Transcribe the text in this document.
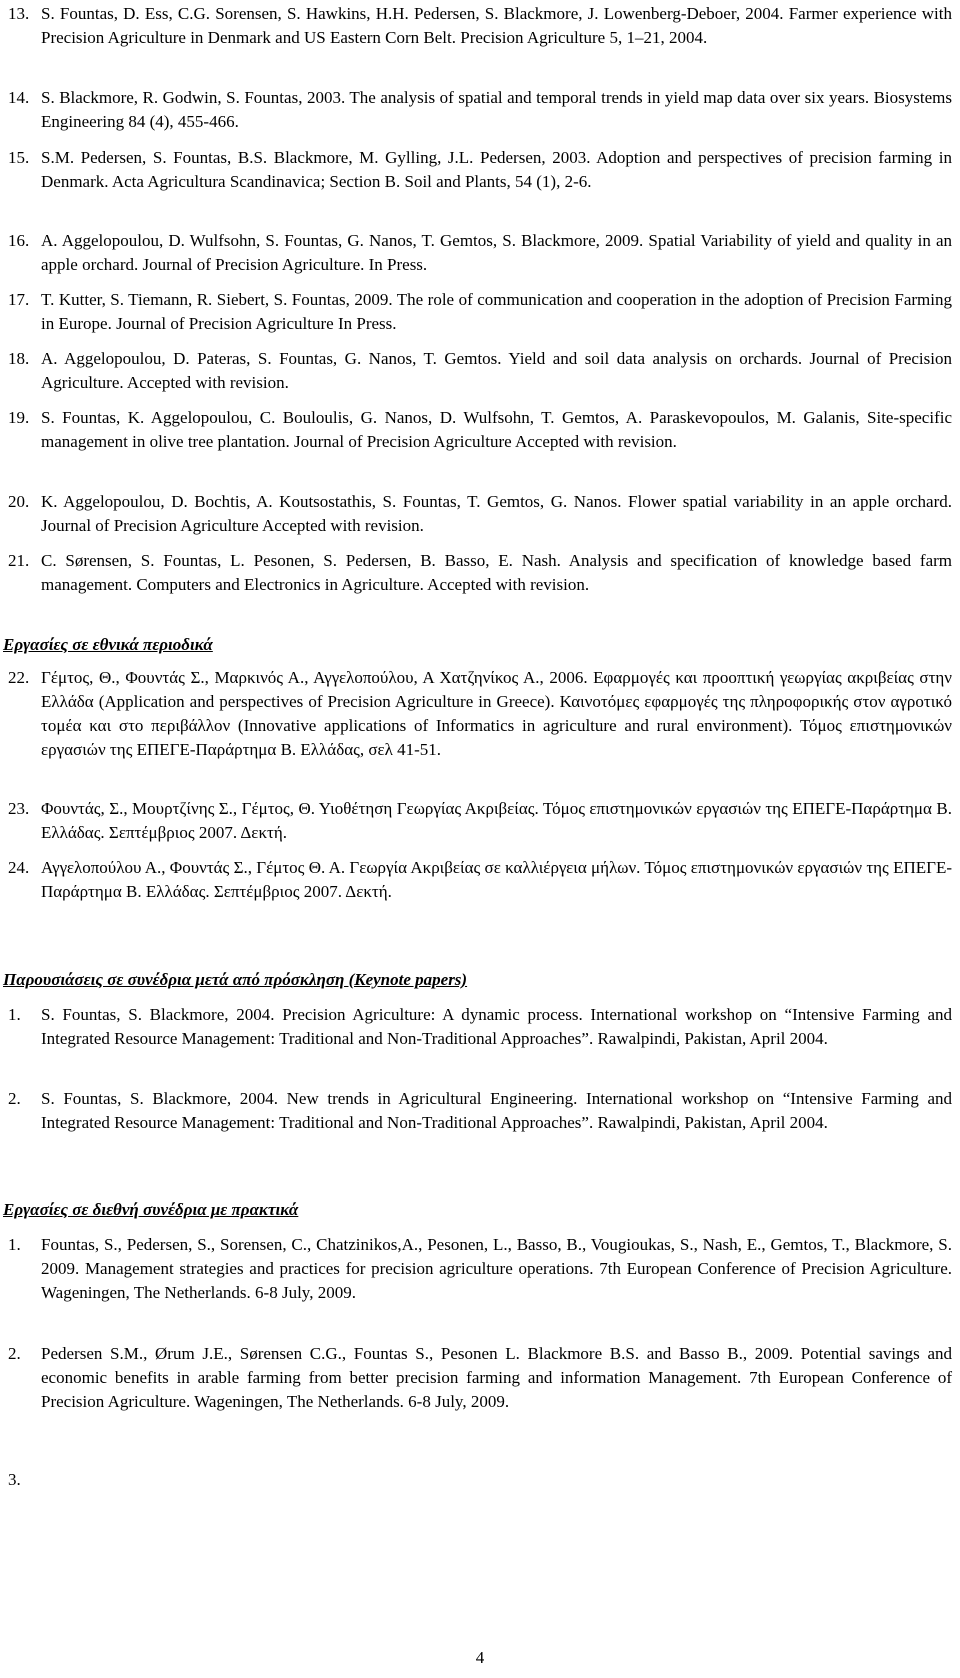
13. S. Fountas, D. Ess, C.G. Sorensen, S. Hawkins, H.H. Pedersen, S. Blackmore, J. Lowenberg-Deboer, 2004. Farmer experience with Precision Agriculture in Denmark and US Eastern Corn Belt. Precision Agriculture 5, 1–21, 2004.
14. S. Blackmore, R. Godwin, S. Fountas, 2003. The analysis of spatial and temporal trends in yield map data over six years. Biosystems Engineering 84 (4), 455-466.
15. S.M. Pedersen, S. Fountas, B.S. Blackmore, M. Gylling, J.L. Pedersen, 2003. Adoption and perspectives of precision farming in Denmark. Acta Agricultura Scandinavica; Section B. Soil and Plants, 54 (1), 2-6.
16. A. Aggelopoulou, D. Wulfsohn, S. Fountas, G. Nanos, T. Gemtos, S. Blackmore, 2009. Spatial Variability of yield and quality in an apple orchard. Journal of Precision Agriculture. In Press.
17. T. Kutter, S. Tiemann, R. Siebert, S. Fountas, 2009. The role of communication and cooperation in the adoption of Precision Farming in Europe. Journal of Precision Agriculture In Press.
18. A. Aggelopoulou, D. Pateras, S. Fountas, G. Nanos, T. Gemtos. Yield and soil data analysis on orchards. Journal of Precision Agriculture. Accepted with revision.
19. S. Fountas, K. Aggelopoulou, C. Bouloulis, G. Nanos, D. Wulfsohn, T. Gemtos, A. Paraskevopoulos, M. Galanis, Site-specific management in olive tree plantation. Journal of Precision Agriculture Accepted with revision.
20. K. Aggelopoulou, D. Bochtis, A. Koutsostathis, S. Fountas, T. Gemtos, G. Nanos. Flower spatial variability in an apple orchard. Journal of Precision Agriculture Accepted with revision.
21. C. Sørensen, S. Fountas, L. Pesonen, S. Pedersen, B. Basso, E. Nash. Analysis and specification of knowledge based farm management. Computers and Electronics in Agriculture. Accepted with revision.
Εργασίες σε εθνικά περιοδικά
22. Γέμτος, Θ., Φουντάς Σ., Μαρκινός Α., Αγγελοπούλου, Α Χατζηνίκος Α., 2006. Εφαρμογές και προοπτική γεωργίας ακριβείας στην Ελλάδα (Application and perspectives of Precision Agriculture in Greece). Καινοτόμες εφαρμογές της πληροφορικής στον αγροτικό τομέα και στο περιβάλλον (Innovative applications of Informatics in agriculture and rural environment). Τόμος επιστημονικών εργασιών της ΕΠΕΓΕ-Παράρτημα Β. Ελλάδας, σελ 41-51.
23. Φουντάς, Σ., Μουρτζίνης Σ., Γέμτος, Θ. Υιοθέτηση Γεωργίας Ακριβείας. Τόμος επιστημονικών εργασιών της ΕΠΕΓΕ-Παράρτημα Β. Ελλάδας. Σεπτέμβριος 2007. Δεκτή.
24. Αγγελοπούλου Α., Φουντάς Σ., Γέμτος Θ. Α. Γεωργία Ακριβείας σε καλλιέργεια μήλων. Τόμος επιστημονικών εργασιών της ΕΠΕΓΕ-Παράρτημα Β. Ελλάδας. Σεπτέμβριος 2007. Δεκτή.
Παρουσιάσεις σε συνέδρια μετά από πρόσκληση (Keynote papers)
1. S. Fountas, S. Blackmore, 2004. Precision Agriculture: A dynamic process. International workshop on “Intensive Farming and Integrated Resource Management: Traditional and Non-Traditional Approaches”. Rawalpindi, Pakistan, April 2004.
2. S. Fountas, S. Blackmore, 2004. New trends in Agricultural Engineering. International workshop on “Intensive Farming and Integrated Resource Management: Traditional and Non-Traditional Approaches”. Rawalpindi, Pakistan, April 2004.
Εργασίες σε διεθνή συνέδρια με πρακτικά
1. Fountas, S., Pedersen, S., Sorensen, C., Chatzinikos,A., Pesonen, L., Basso, B., Vougioukas, S., Nash, E., Gemtos, T., Blackmore, S. 2009. Management strategies and practices for precision agriculture operations. 7th European Conference of Precision Agriculture. Wageningen, The Netherlands. 6-8 July, 2009.
2. Pedersen S.M., Ørum J.E., Sørensen C.G., Fountas S., Pesonen L. Blackmore B.S. and Basso B., 2009. Potential savings and economic benefits in arable farming from better precision farming and information Management. 7th European Conference of Precision Agriculture. Wageningen, The Netherlands. 6-8 July, 2009.
3.
4
